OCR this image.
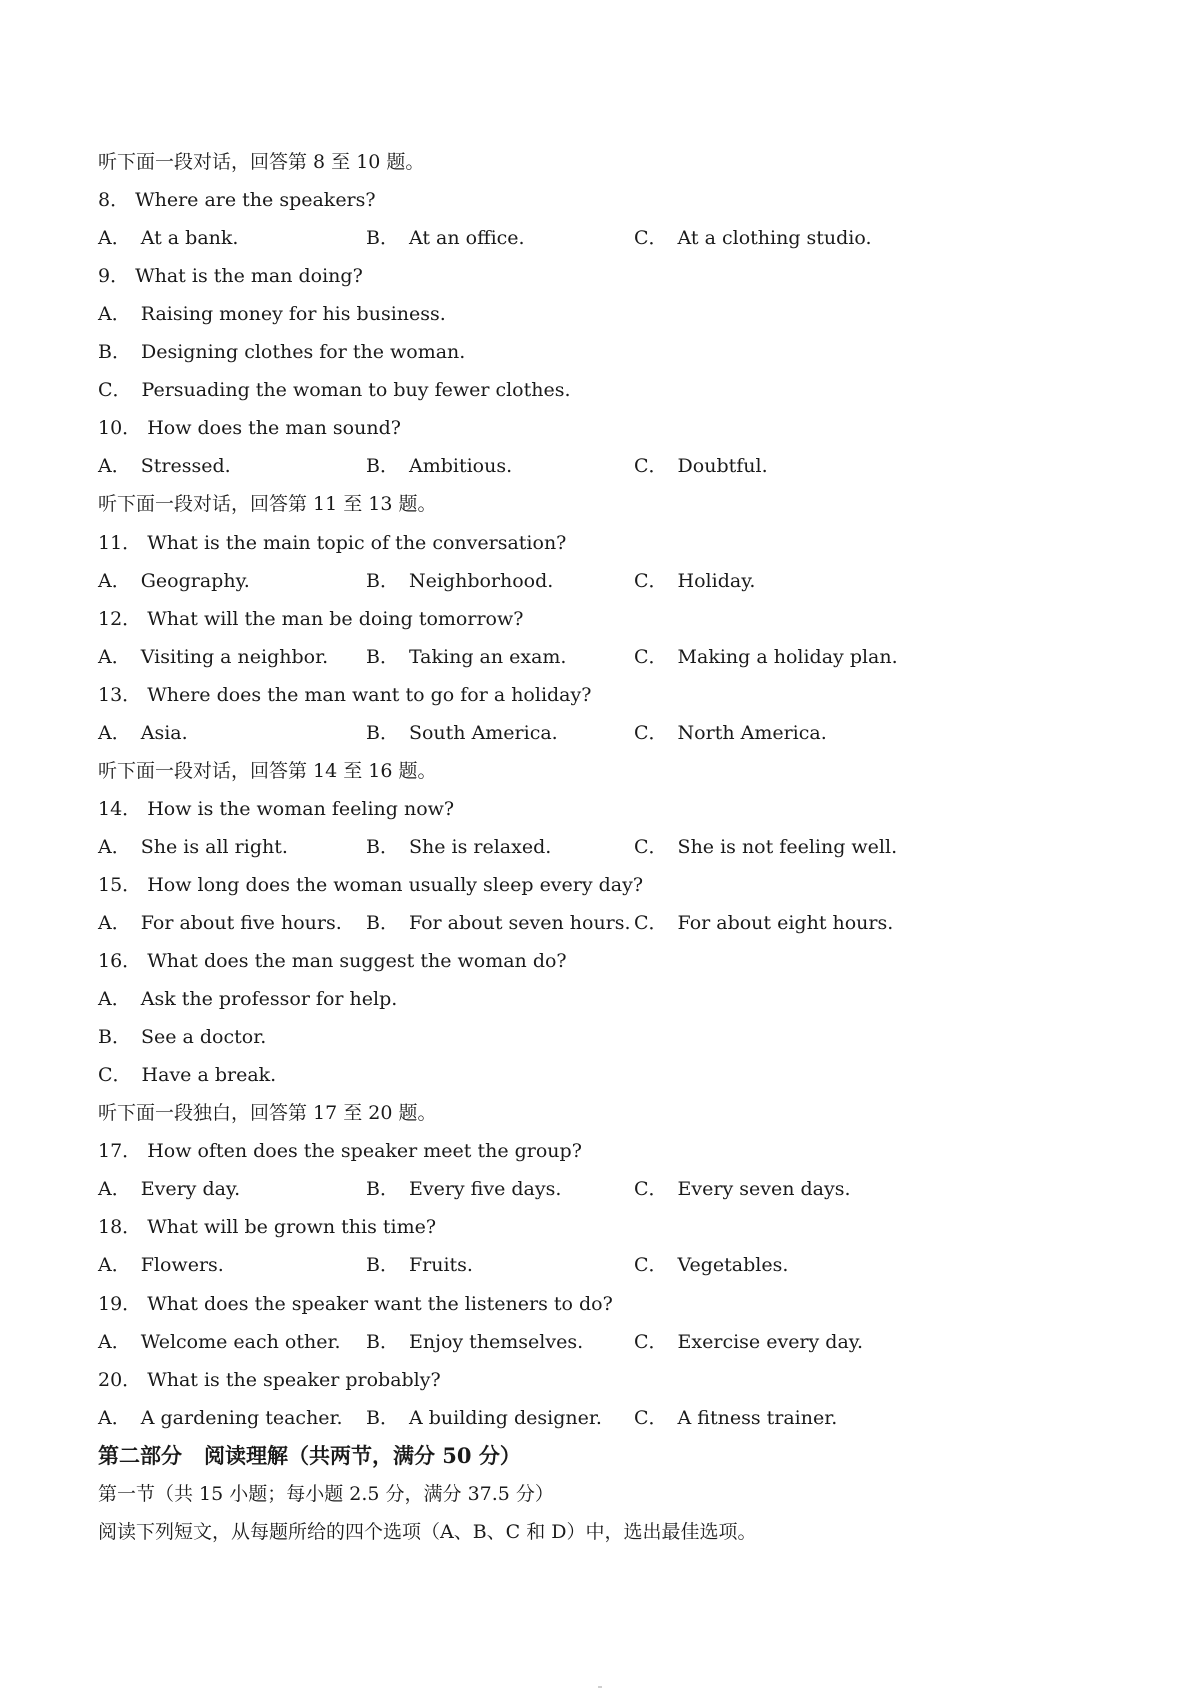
听下面一段对话，回答第 8 至 10 题。
8． Where are the speakers?
A． At a bank.	B． At an office.	C． At a clothing studio.
9． What is the man doing?
A． Raising money for his business.
B． Designing clothes for the woman.
C． Persuading the woman to buy fewer clothes.
10． How does the man sound?
A． Stressed.	B． Ambitious.	C． Doubtful.
听下面一段对话，回答第 11 至 13 题。
11． What is the main topic of the conversation?
A． Geography.	B． Neighborhood.	C． Holiday.
12． What will the man be doing tomorrow?
A． Visiting a neighbor. B． Taking an exam.	C． Making a holiday plan.
13． Where does the man want to go for a holiday?
A． Asia.	B． South America.	C． North America.
听下面一段对话，回答第 14 至 16 题。
14． How is the woman feeling now?
A． She is all right.	B． She is relaxed.	C． She is not feeling well.
15． How long does the woman usually sleep every day?
A． For about five hours. B． For about seven hours. C． For about eight hours.
16． What does the man suggest the woman do?
A． Ask the professor for help.
B． See a doctor.
C． Have a break.
听下面一段独白，回答第 17 至 20 题。
17． How often does the speaker meet the group?
A． Every day.	B． Every five days.	C． Every seven days.
18． What will be grown this time?
A． Flowers.	B． Fruits.	C． Vegetables.
19． What does the speaker want the listeners to do?
A． Welcome each other. B． Enjoy themselves.	C． Exercise every day.
20． What is the speaker probably?
A． A gardening teacher. B． A building designer. C． A fitness trainer.
第二部分 阅读理解（共两节，满分 50 分）
第一节（共 15 小题；每小题 2.5 分，满分 37.5 分）
阅读下列短文，从每题所给的四个选项（A、B、C 和 D）中，选出最佳选项。
